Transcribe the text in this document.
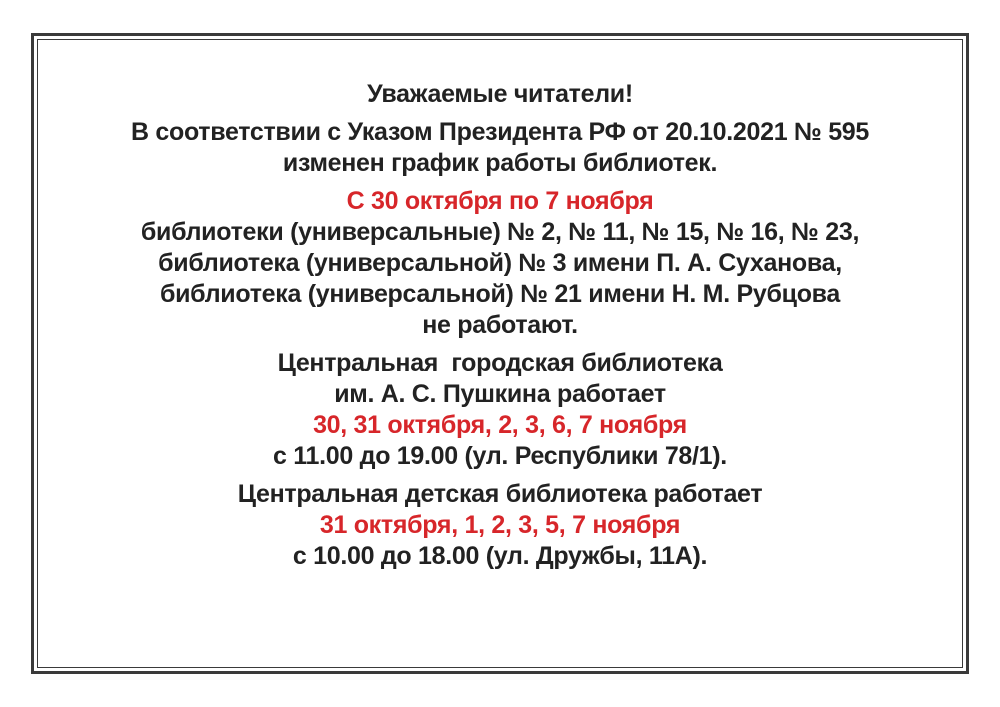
Уважаемые читатели!

В соответствии с Указом Президента РФ от 20.10.2021 № 595
изменен график работы библиотек.

С 30 октября по 7 ноября
библиотеки (универсальные) № 2, № 11, № 15, № 16, № 23,
библиотека (универсальной) № 3 имени П. А. Суханова,
библиотека (универсальной) № 21 имени Н. М. Рубцова
не работают.

Центральная  городская библиотека
им. А. С. Пушкина работает
30, 31 октября, 2, 3, 6, 7 ноября
с 11.00 до 19.00 (ул. Республики 78/1).

Центральная детская библиотека работает
31 октября, 1, 2, 3, 5, 7 ноября
с 10.00 до 18.00 (ул. Дружбы, 11А).
